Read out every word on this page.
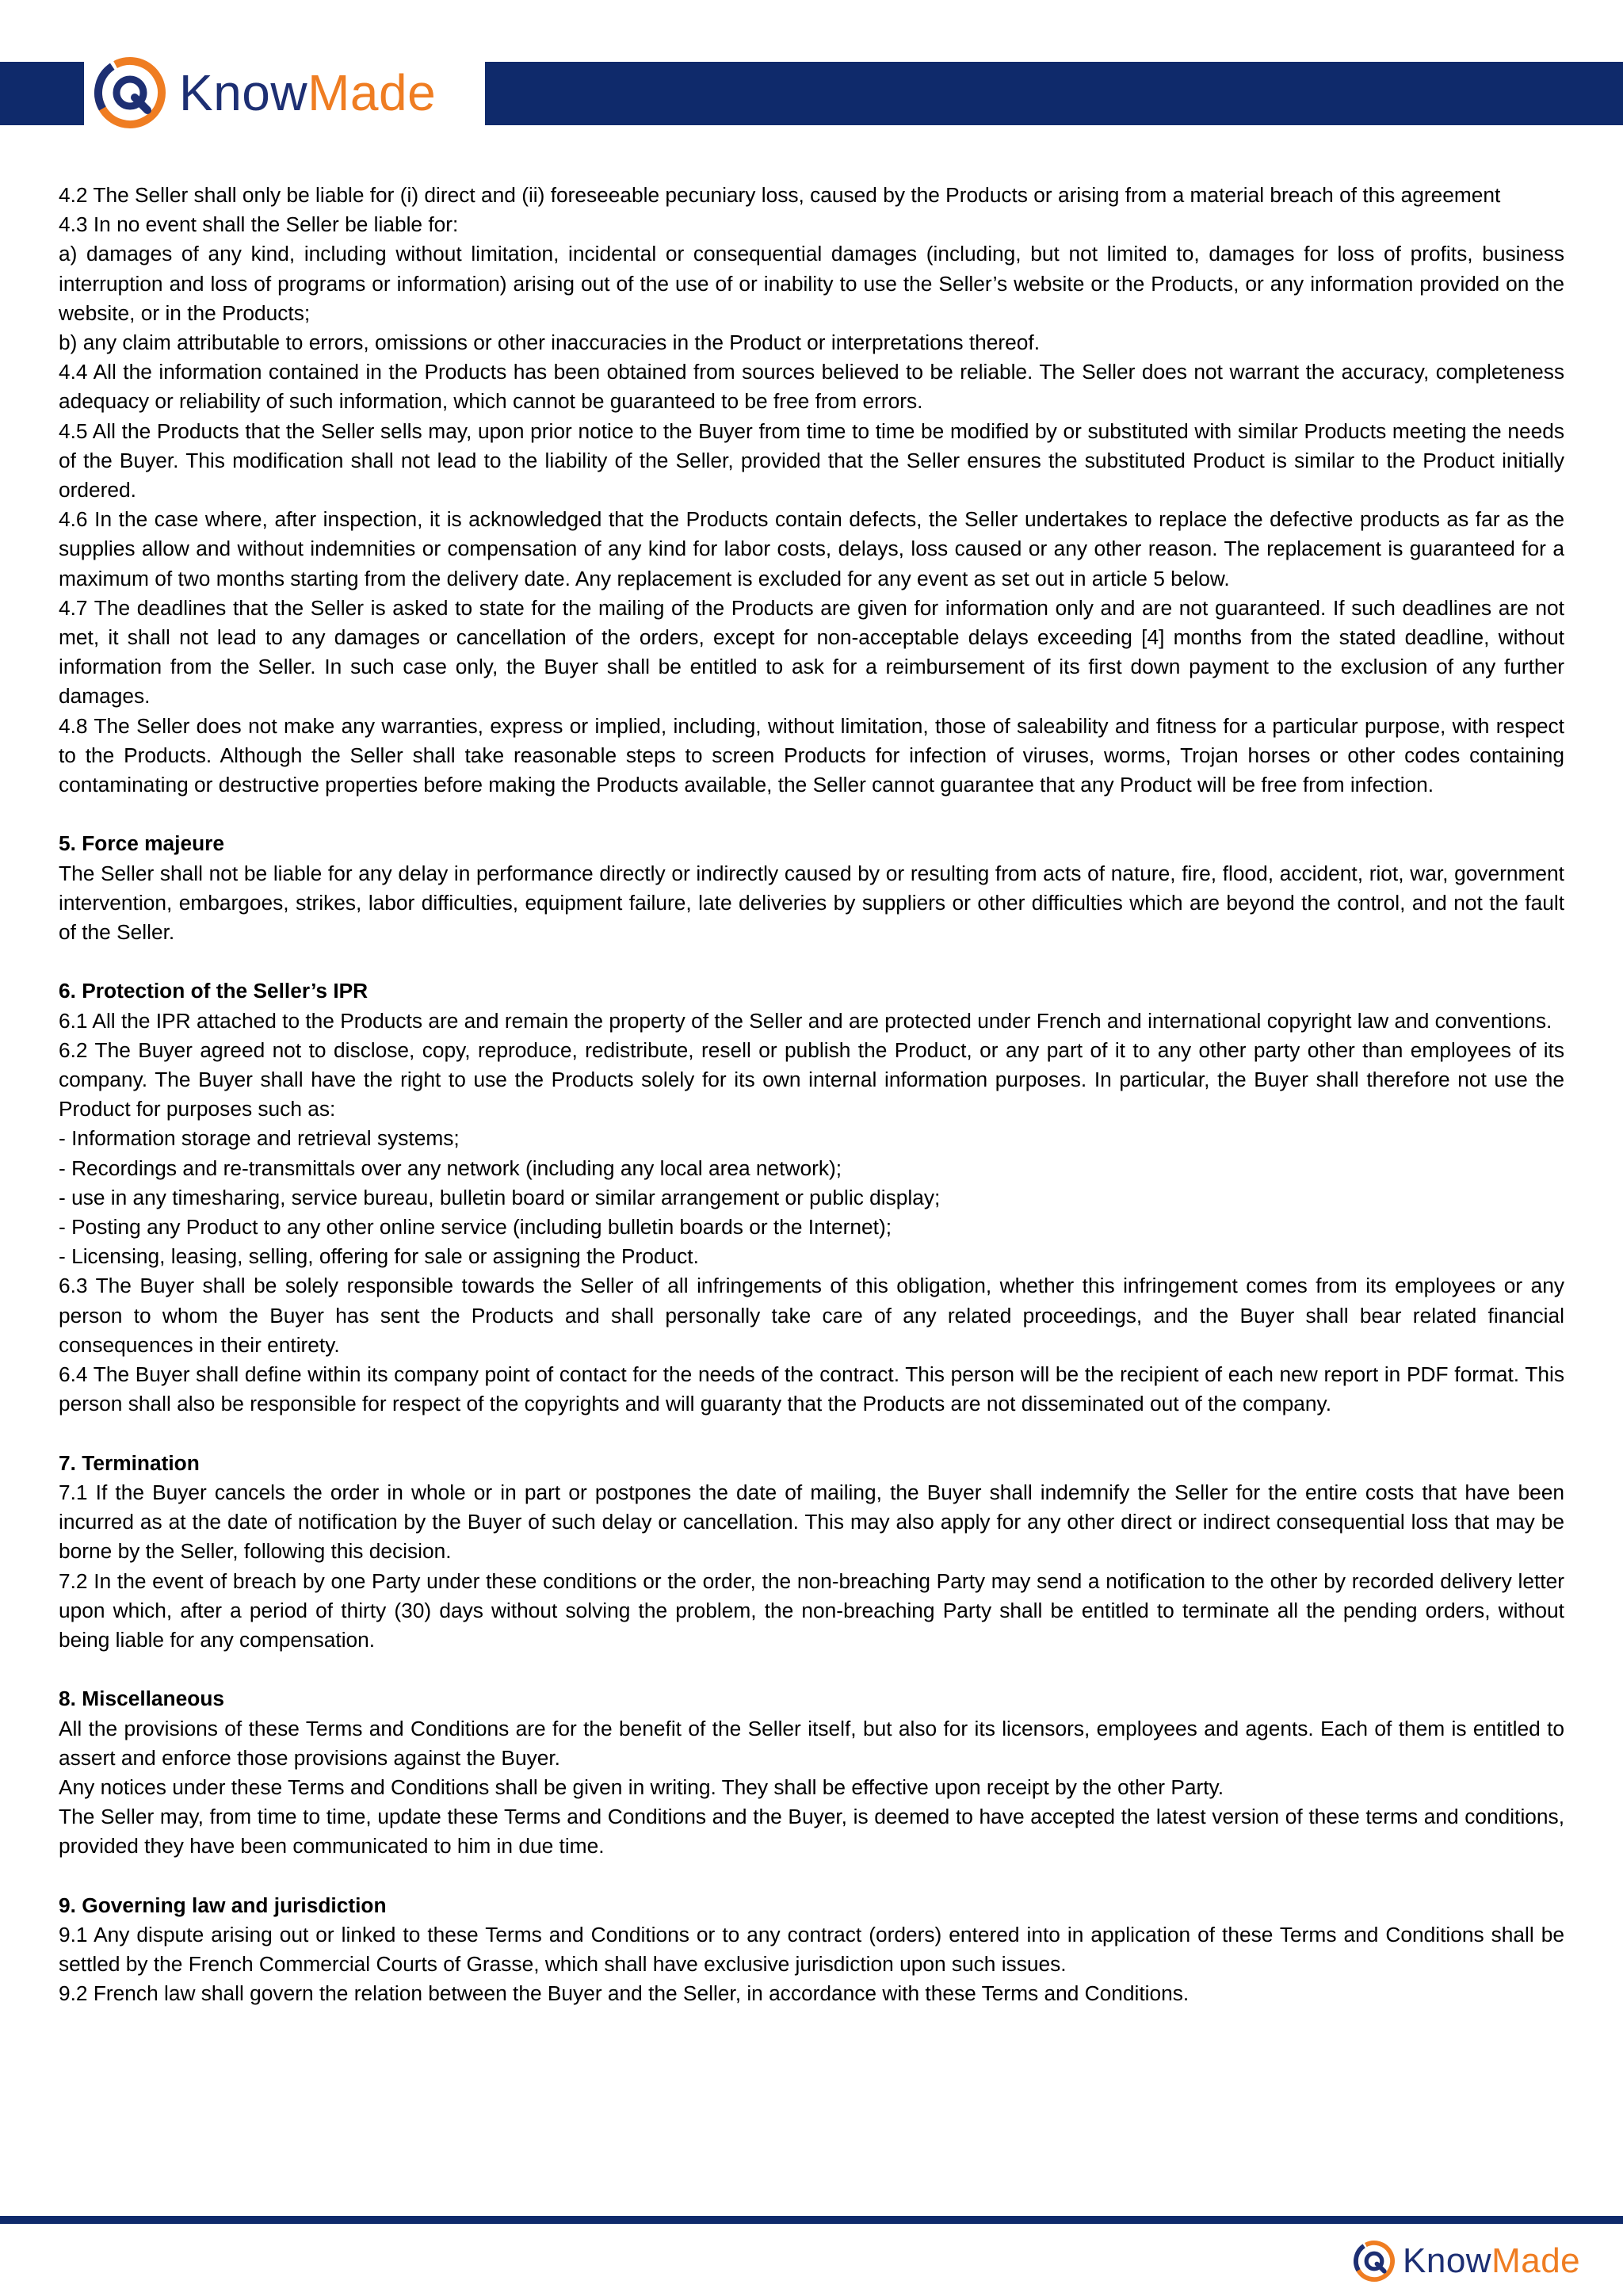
KnowMade

4.2 The Seller shall only be liable for (i) direct and (ii) foreseeable pecuniary loss, caused by the Products or arising from a material breach of this agreement

4.3 In no event shall the Seller be liable for:

a) damages of any kind, including without limitation, incidental or consequential damages (including, but not limited to, damages for loss of profits, business interruption and loss of programs or information) arising out of the use of or inability to use the Seller’s website or the Products, or any information provided on the website, or in the Products;

b) any claim attributable to errors, omissions or other inaccuracies in the Product or interpretations thereof.

4.4 All the information contained in the Products has been obtained from sources believed to be reliable. The Seller does not warrant the accuracy, completeness adequacy or reliability of such information, which cannot be guaranteed to be free from errors.

4.5 All the Products that the Seller sells may, upon prior notice to the Buyer from time to time be modified by or substituted with similar Products meeting the needs of the Buyer. This modification shall not lead to the liability of the Seller, provided that the Seller ensures the substituted Product is similar to the Product initially ordered.

4.6 In the case where, after inspection, it is acknowledged that the Products contain defects, the Seller undertakes to replace the defective products as far as the supplies allow and without indemnities or compensation of any kind for labor costs, delays, loss caused or any other reason. The replacement is guaranteed for a maximum of two months starting from the delivery date. Any replacement is excluded for any event as set out in article 5 below.

4.7 The deadlines that the Seller is asked to state for the mailing of the Products are given for information only and are not guaranteed. If such deadlines are not met, it shall not lead to any damages or cancellation of the orders, except for non-acceptable delays exceeding [4] months from the stated deadline, without information from the Seller. In such case only, the Buyer shall be entitled to ask for a reimbursement of its first down payment to the exclusion of any further damages.

4.8 The Seller does not make any warranties, express or implied, including, without limitation, those of saleability and fitness for a particular purpose, with respect to the Products. Although the Seller shall take reasonable steps to screen Products for infection of viruses, worms, Trojan horses or other codes containing contaminating or destructive properties before making the Products available, the Seller cannot guarantee that any Product will be free from infection.

5. Force majeure

The Seller shall not be liable for any delay in performance directly or indirectly caused by or resulting from acts of nature, fire, flood, accident, riot, war, government intervention, embargoes, strikes, labor difficulties, equipment failure, late deliveries by suppliers or other difficulties which are beyond the control, and not the fault of the Seller.

6. Protection of the Seller’s IPR

6.1 All the IPR attached to the Products are and remain the property of the Seller and are protected under French and international copyright law and conventions.

6.2 The Buyer agreed not to disclose, copy, reproduce, redistribute, resell or publish the Product, or any part of it to any other party other than employees of its company. The Buyer shall have the right to use the Products solely for its own internal information purposes. In particular, the Buyer shall therefore not use the Product for purposes such as:

- Information storage and retrieval systems;

- Recordings and re-transmittals over any network (including any local area network);

- use in any timesharing, service bureau, bulletin board or similar arrangement or public display;

- Posting any Product to any other online service (including bulletin boards or the Internet);

- Licensing, leasing, selling, offering for sale or assigning the Product.

6.3 The Buyer shall be solely responsible towards the Seller of all infringements of this obligation, whether this infringement comes from its employees or any person to whom the Buyer has sent the Products and shall personally take care of any related proceedings, and the Buyer shall bear related financial consequences in their entirety.

6.4 The Buyer shall define within its company point of contact for the needs of the contract. This person will be the recipient of each new report in PDF format. This person shall also be responsible for respect of the copyrights and will guaranty that the Products are not disseminated out of the company.

7. Termination

7.1 If the Buyer cancels the order in whole or in part or postpones the date of mailing, the Buyer shall indemnify the Seller for the entire costs that have been incurred as at the date of notification by the Buyer of such delay or cancellation. This may also apply for any other direct or indirect consequential loss that may be borne by the Seller, following this decision.

7.2 In the event of breach by one Party under these conditions or the order, the non-breaching Party may send a notification to the other by recorded delivery letter upon which, after a period of thirty (30) days without solving the problem, the non-breaching Party shall be entitled to terminate all the pending orders, without being liable for any compensation.

8. Miscellaneous

All the provisions of these Terms and Conditions are for the benefit of the Seller itself, but also for its licensors, employees and agents. Each of them is entitled to assert and enforce those provisions against the Buyer.

Any notices under these Terms and Conditions shall be given in writing. They shall be effective upon receipt by the other Party.

The Seller may, from time to time, update these Terms and Conditions and the Buyer, is deemed to have accepted the latest version of these terms and conditions, provided they have been communicated to him in due time.

9. Governing law and jurisdiction

9.1 Any dispute arising out or linked to these Terms and Conditions or to any contract (orders) entered into in application of these Terms and Conditions shall be settled by the French Commercial Courts of Grasse, which shall have exclusive jurisdiction upon such issues.

9.2 French law shall govern the relation between the Buyer and the Seller, in accordance with these Terms and Conditions.

KnowMade
